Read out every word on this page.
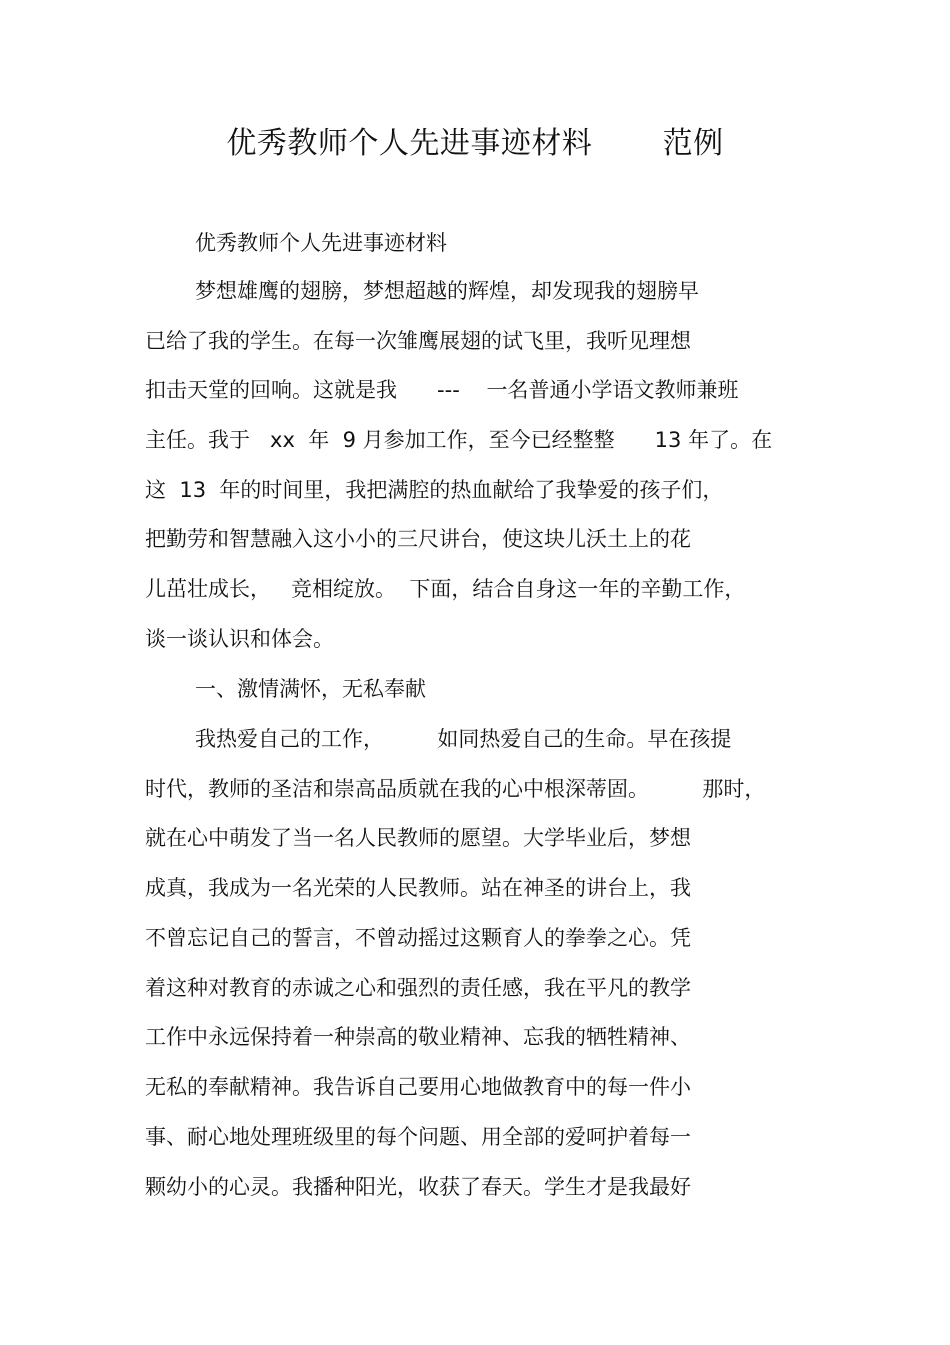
优秀教师个人先进事迹材料       范例
优秀教师个人先进事迹材料
梦想雄鹰的翅膀，梦想超越的辉煌，却发现我的翅膀早
已给了我的学生。在每一次雏鹰展翅的试飞里，我听见理想
扣击天堂的回响。这就是我      ---    一名普通小学语文教师兼班
主任。我于   xx  年  9 月参加工作，至今已经整整      13 年了。在
这  13  年的时间里，我把满腔的热血献给了我挚爱的孩子们，
把勤劳和智慧融入这小小的三尺讲台，使这块儿沃土上的花
儿茁壮成长，   竞相绽放。  下面，结合自身这一年的辛勤工作，
谈一谈认识和体会。
一、激情满怀，无私奉献
我热爱自己的工作，        如同热爱自己的生命。早在孩提
时代，教师的圣洁和崇高品质就在我的心中根深蒂固。        那时，
就在心中萌发了当一名人民教师的愿望。大学毕业后，梦想
成真，我成为一名光荣的人民教师。站在神圣的讲台上，我
不曾忘记自己的誓言，不曾动摇过这颗育人的拳拳之心。凭
着这种对教育的赤诚之心和强烈的责任感，我在平凡的教学
工作中永远保持着一种崇高的敬业精神、忘我的牺牲精神、
无私的奉献精神。我告诉自己要用心地做教育中的每一件小
事、耐心地处理班级里的每个问题、用全部的爱呵护着每一
颗幼小的心灵。我播种阳光，收获了春天。学生才是我最好
